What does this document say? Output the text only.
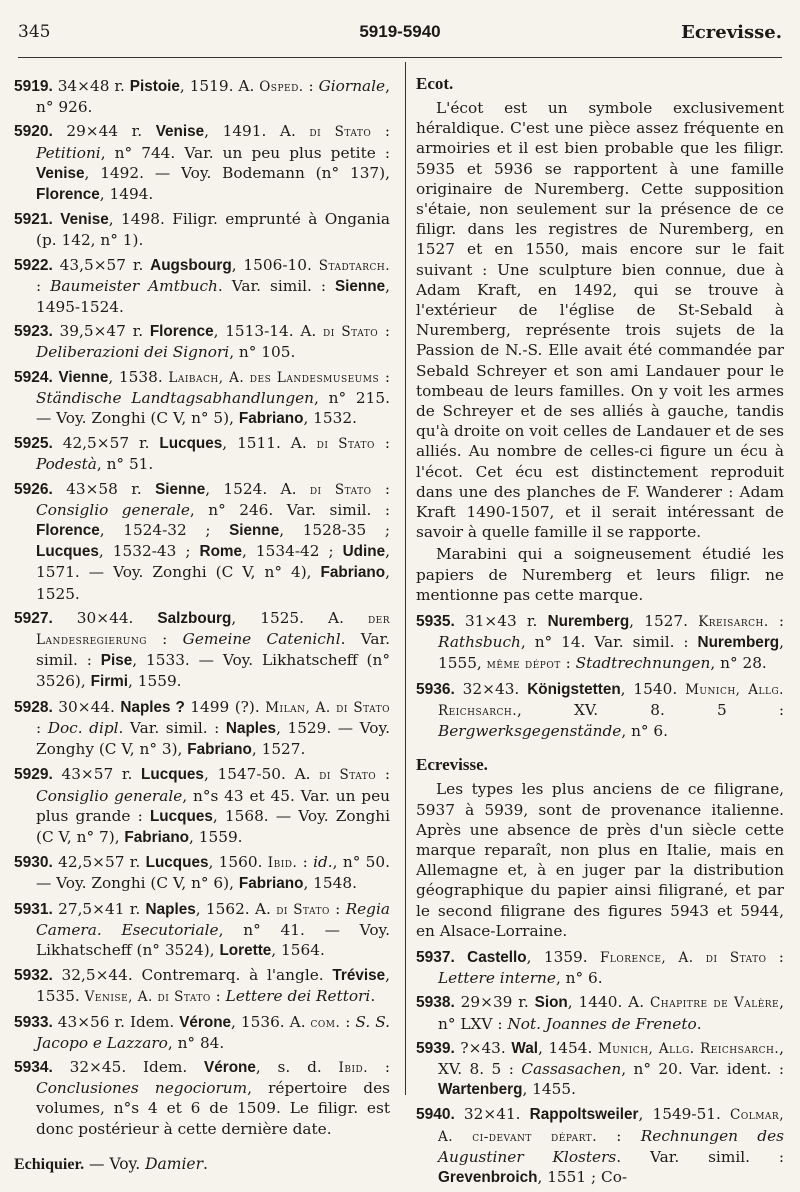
345	5919-5940	Ecrevisse.
5919. 34×48 r. Pistoie, 1519. A. Osped. : Giornale, n° 926.
5920. 29×44 r. Venise, 1491. A. di Stato : Petitioni, n° 744. Var. un peu plus petite : Venise, 1492. — Voy. Bodemann (n° 137), Florence, 1494.
5921. Venise, 1498. Filigr. emprunté à Ongania (p. 142, n° 1).
5922. 43,5×57 r. Augsbourg, 1506-10. Stadtarch. : Baumeister Amtbuch. Var. simil. : Sienne, 1495-1524.
5923. 39,5×47 r. Florence, 1513-14. A. di Stato : Deliberazioni dei Signori, n° 105.
5924. Vienne, 1538. Laibach, A. des Landesmuseums : Ständische Landtagsabhandlungen, n° 215. — Voy. Zonghi (C V, n° 5), Fabriano, 1532.
5925. 42,5×57 r. Lucques, 1511. A. di Stato : Podestà, n° 51.
5926. 43×58 r. Sienne, 1524. A. di Stato : Consiglio generale, n° 246. Var. simil. : Florence, 1524-32 ; Sienne, 1528-35 ; Lucques, 1532-43 ; Rome, 1534-42 ; Udine, 1571. — Voy. Zonghi (C V, n° 4), Fabriano, 1525.
5927. 30×44. Salzbourg, 1525. A. der Landesregierung : Gemeine Catenichl. Var. simil. : Pise, 1533. — Voy. Likhatscheff (n° 3526), Firmi, 1559.
5928. 30×44. Naples ? 1499 (?). Milan, A. di Stato : Doc. dipl. Var. simil. : Naples, 1529. — Voy. Zonghy (C V, n° 3), Fabriano, 1527.
5929. 43×57 r. Lucques, 1547-50. A. di Stato : Consiglio generale, n°s 43 et 45. Var. un peu plus grande : Lucques, 1568. — Voy. Zonghi (C V, n° 7), Fabriano, 1559.
5930. 42,5×57 r. Lucques, 1560. Ibid. : id., n° 50. — Voy. Zonghi (C V, n° 6), Fabriano, 1548.
5931. 27,5×41 r. Naples, 1562. A. di Stato : Regia Camera. Esecutoriale, n° 41. — Voy. Likhatscheff (n° 3524), Lorette, 1564.
5932. 32,5×44. Contremarq. à l'angle. Trévise, 1535. Venise, A. di Stato : Lettere dei Rettori.
5933. 43×56 r. Idem. Vérone, 1536. A. com. : S. S. Jacopo e Lazzaro, n° 84.
5934. 32×45. Idem. Vérone, s. d. Ibid. : Conclusiones negociorum, répertoire des volumes, n°s 4 et 6 de 1509. Le filigr. est donc postérieur à cette dernière date.
Echiquier. — Voy. Damier.
Ecot.
L'écot est un symbole exclusivement héraldique. C'est une pièce assez fréquente en armoiries et il est bien probable que les filigr. 5935 et 5936 se rapportent à une famille originaire de Nuremberg. Cette supposition s'étaie, non seulement sur la présence de ce filigr. dans les registres de Nuremberg, en 1527 et en 1550, mais encore sur le fait suivant : Une sculpture bien connue, due à Adam Kraft, en 1492, qui se trouve à l'extérieur de l'église de St-Sebald à Nuremberg, représente trois sujets de la Passion de N.-S. Elle avait été commandée par Sebald Schreyer et son ami Landauer pour le tombeau de leurs familles. On y voit les armes de Schreyer et de ses alliés à gauche, tandis qu'à droite on voit celles de Landauer et de ses alliés. Au nombre de celles-ci figure un écu à l'écot. Cet écu est distinctement reproduit dans une des planches de F. Wanderer : Adam Kraft 1490-1507, et il serait intéressant de savoir à quelle famille il se rapporte.
Marabini qui a soigneusement étudié les papiers de Nuremberg et leurs filigr. ne mentionne pas cette marque.
5935. 31×43 r. Nuremberg, 1527. Kreisarch. : Rathsbuch, n° 14. Var. simil. : Nuremberg, 1555, même dépot : Stadtrechnungen, n° 28.
5936. 32×43. Königstetten, 1540. Munich, Allg. Reichsarch., XV. 8. 5 : Bergwerksgegenstände, n° 6.
Ecrevisse.
Les types les plus anciens de ce filigrane, 5937 à 5939, sont de provenance italienne. Après une absence de près d'un siècle cette marque reparaît, non plus en Italie, mais en Allemagne et, à en juger par la distribution géographique du papier ainsi filigrané, et par le second filigrane des figures 5943 et 5944, en Alsace-Lorraine.
5937. Castello, 1359. Florence, A. di Stato : Lettere interne, n° 6.
5938. 29×39 r. Sion, 1440. A. Chapitre de Valère, n° LXV : Not. Joannes de Freneto.
5939. ?×43. Wal, 1454. Munich, Allg. Reichsarch., XV. 8. 5 : Cassasachen, n° 20. Var. ident. : Wartenberg, 1455.
5940. 32×41. Rappoltsweiler, 1549-51. Colmar, A. ci-devant départ. : Rechnungen des Augustiner Klosters. Var. simil. : Grevenbroich, 1551 ; Co-
